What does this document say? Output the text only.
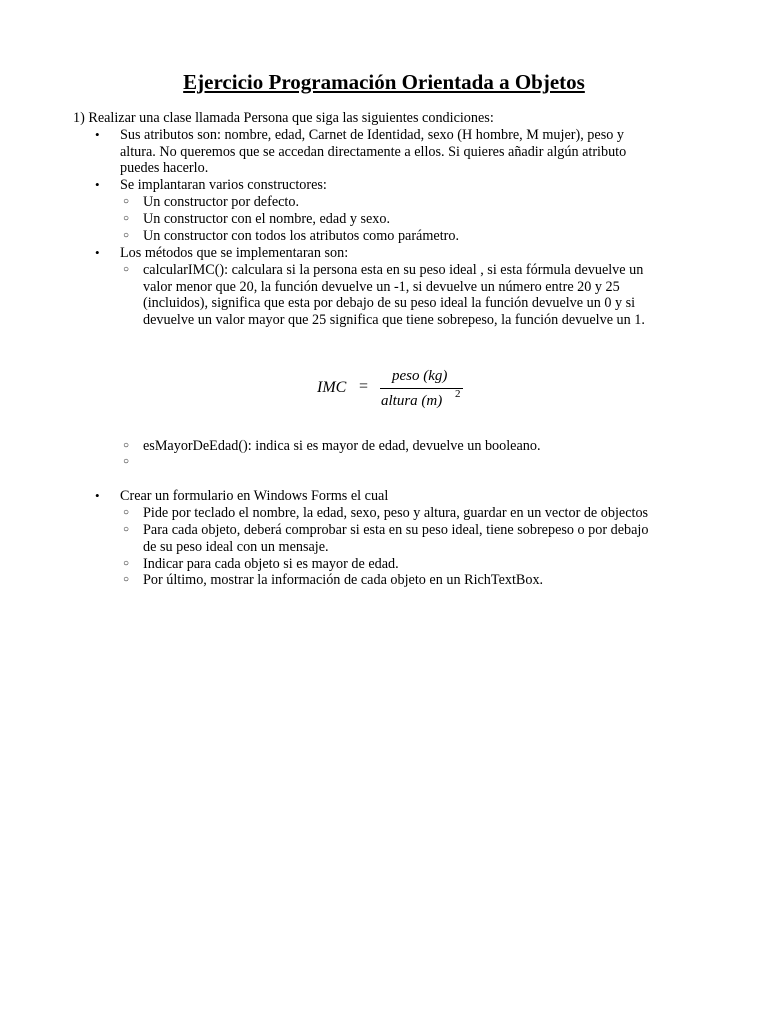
Ejercicio Programación Orientada a Objetos
1) Realizar una clase llamada Persona que siga las siguientes condiciones:
• Sus atributos son: nombre, edad, Carnet de Identidad, sexo (H hombre, M mujer), peso y
altura. No queremos que se accedan directamente a ellos. Si quieres añadir algún atributo
puedes hacerlo.
• Se implantaran varios constructores:
○ Un constructor por defecto.
○ Un constructor con el nombre, edad y sexo.
○ Un constructor con todos los atributos como parámetro.
• Los métodos que se implementaran son:
○ calcularIMC(): calculara si la persona esta en su peso ideal , si esta fórmula devuelve un
valor menor que 20, la función devuelve un -1, si devuelve un número entre 20 y 25
(incluidos), significa que esta por debajo de su peso ideal la función devuelve un 0 y si
devuelve un valor mayor que 25 significa que tiene sobrepeso, la función devuelve un 1.
IMC =
peso (kg)
altura (m) 2
○ esMayorDeEdad(): indica si es mayor de edad, devuelve un booleano.
○
• Crear un formulario en Windows Forms el cual
○ Pide por teclado el nombre, la edad, sexo, peso y altura, guardar en un vector de objectos
○ Para cada objeto, deberá comprobar si esta en su peso ideal, tiene sobrepeso o por debajo
de su peso ideal con un mensaje.
○ Indicar para cada objeto si es mayor de edad.
○ Por último, mostrar la información de cada objeto en un RichTextBox.
